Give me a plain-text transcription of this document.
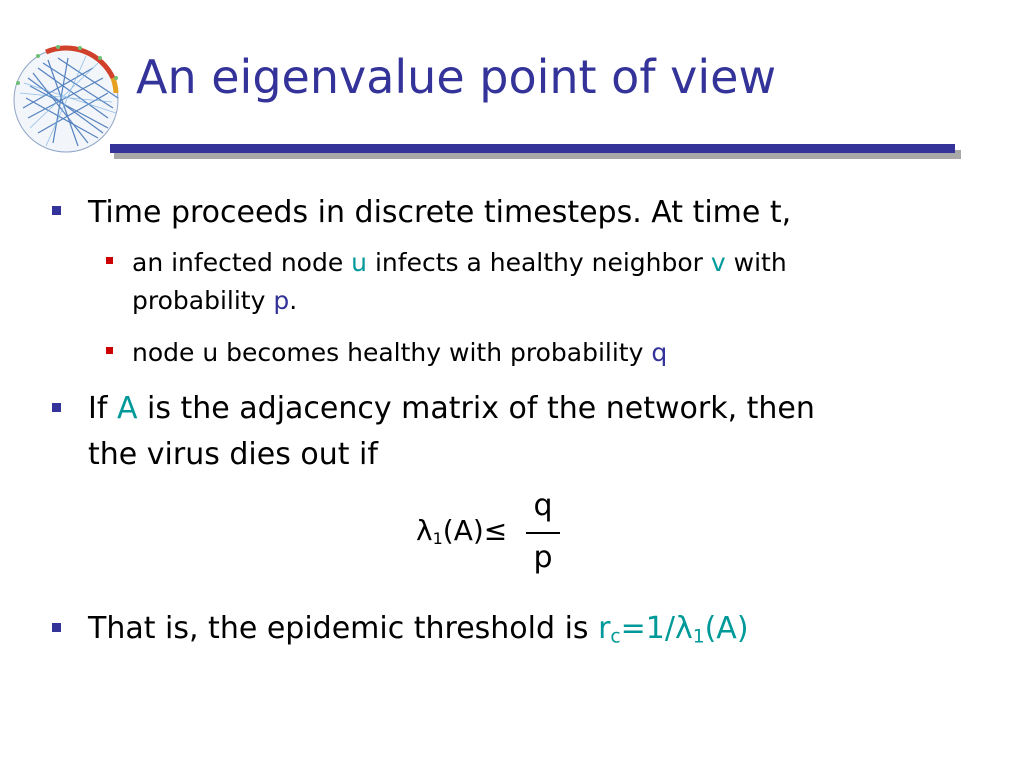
An eigenvalue point of view
Time proceeds in discrete timesteps. At time t,
an infected node u infects a healthy neighbor v with
probability p.
node u becomes healthy with probability q
If A is the adjacency matrix of the network, then
the virus dies out if
$\lambda_1(A)\le$
q
p
That is, the epidemic threshold is $r_c=1/\lambda_1(A)$
